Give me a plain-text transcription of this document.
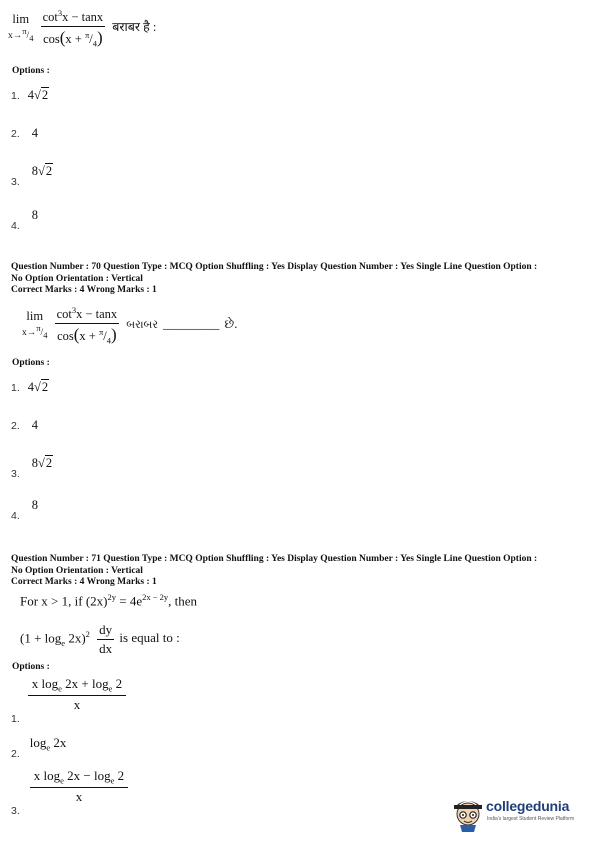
lim
$x\to^\pi/_4$
$\frac{\cot^3x - \tan x}{\cos(x + ^\pi/_4)}$ बराबर है :
Options :
1. 4√2
2. 4
$_{3.}$ 8√2
$_{4.}$ 8
Question Number : 70 Question Type : MCQ Option Shuffling : Yes Display Question Number : Yes Single Line Question Option :
No Option Orientation : Vertical
Correct Marks : 4 Wrong Marks : 1
lim
$x\to^\pi/_4$
$\frac{\cot^3x - \tan x}{\cos(x + ^\pi/_4)}$ બરાબર _________ છે.
Options :
1. 4√2
2. 4
$_{3.}$ 8√2
$_{4.}$ 8
Question Number : 71 Question Type : MCQ Option Shuffling : Yes Display Question Number : Yes Single Line Question Option :
No Option Orientation : Vertical
Correct Marks : 4 Wrong Marks : 1
For x > 1, if $(2x)^{2y} = 4e^{2x - 2y}$, then
$(1 + \log_e 2x)^2 \frac{dy}{dx}$ is equal to :
Options :
$_{1.}$
$\frac{x \log_e 2x + \log_e 2}{x}$
$_{2.}$ $\log_e 2x$
$_{3.}$
$\frac{x \log_e 2x - \log_e 2}{x}$
collegedunia
India's largest Student Review Platform
